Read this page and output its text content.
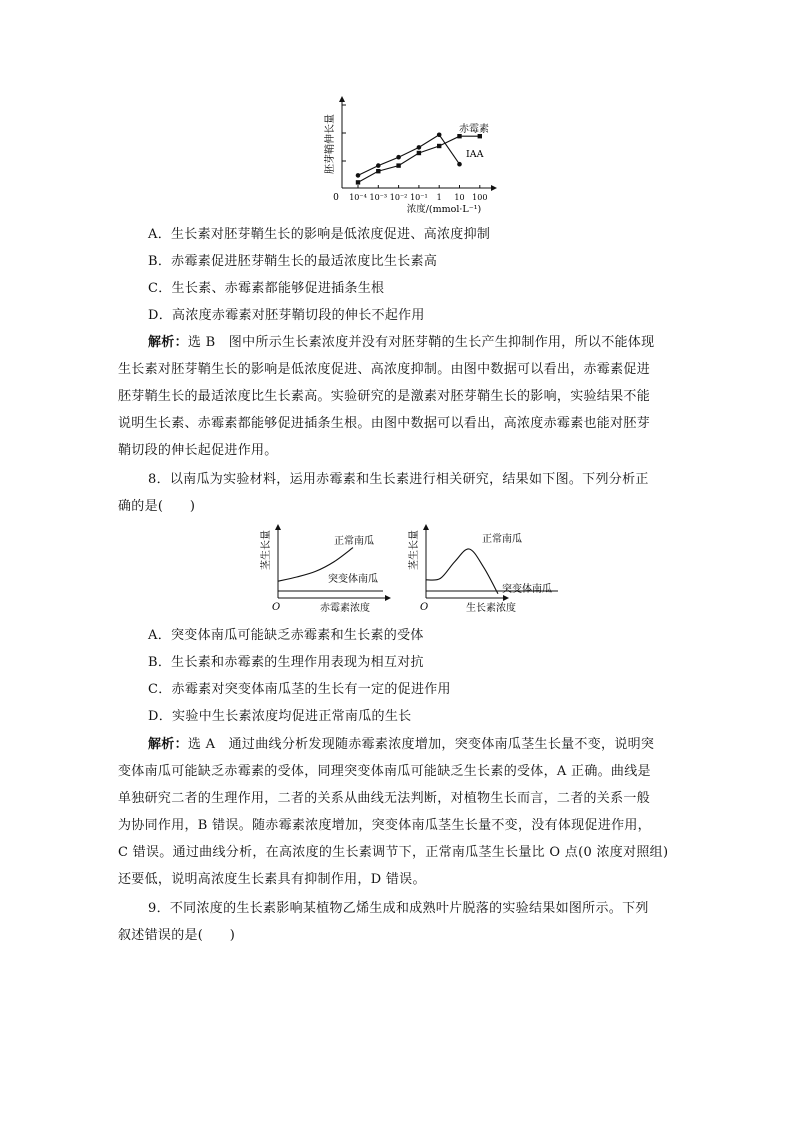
10⁻⁴ 10⁻³ 10⁻² 10⁻¹ 1 10 100
胚芽鞘伸长量
0
浓度/(mmol·L⁻¹)
赤霉素
IAA
A．生长素对胚芽鞘生长的影响是低浓度促进、高浓度抑制
B．赤霉素促进胚芽鞘生长的最适浓度比生长素高
C．生长素、赤霉素都能够促进插条生根
D．高浓度赤霉素对胚芽鞘切段的伸长不起作用
解析：选 B　图中所示生长素浓度并没有对胚芽鞘的生长产生抑制作用，所以不能体现
生长素对胚芽鞘生长的影响是低浓度促进、高浓度抑制。由图中数据可以看出，赤霉素促进
胚芽鞘生长的最适浓度比生长素高。实验研究的是激素对胚芽鞘生长的影响，实验结果不能
说明生长素、赤霉素都能够促进插条生根。由图中数据可以看出，高浓度赤霉素也能对胚芽
鞘切段的伸长起促进作用。
8．以南瓜为实验材料，运用赤霉素和生长素进行相关研究，结果如下图。下列分析正
确的是(　　)
茎生长量	正常南瓜
突变体南瓜
O	赤霉素浓度
茎生长量	正常南瓜
突变体南瓜
O	生长素浓度
A．突变体南瓜可能缺乏赤霉素和生长素的受体
B．生长素和赤霉素的生理作用表现为相互对抗
C．赤霉素对突变体南瓜茎的生长有一定的促进作用
D．实验中生长素浓度均促进正常南瓜的生长
解析：选 A　通过曲线分析发现随赤霉素浓度增加，突变体南瓜茎生长量不变，说明突
变体南瓜可能缺乏赤霉素的受体，同理突变体南瓜可能缺乏生长素的受体，A 正确。曲线是
单独研究二者的生理作用，二者的关系从曲线无法判断，对植物生长而言，二者的关系一般
为协同作用，B 错误。随赤霉素浓度增加，突变体南瓜茎生长量不变，没有体现促进作用，
C 错误。通过曲线分析，在高浓度的生长素调节下，正常南瓜茎生长量比 O 点(0 浓度对照组)
还要低，说明高浓度生长素具有抑制作用，D 错误。
9．不同浓度的生长素影响某植物乙烯生成和成熟叶片脱落的实验结果如图所示。下列
叙述错误的是(　　)
